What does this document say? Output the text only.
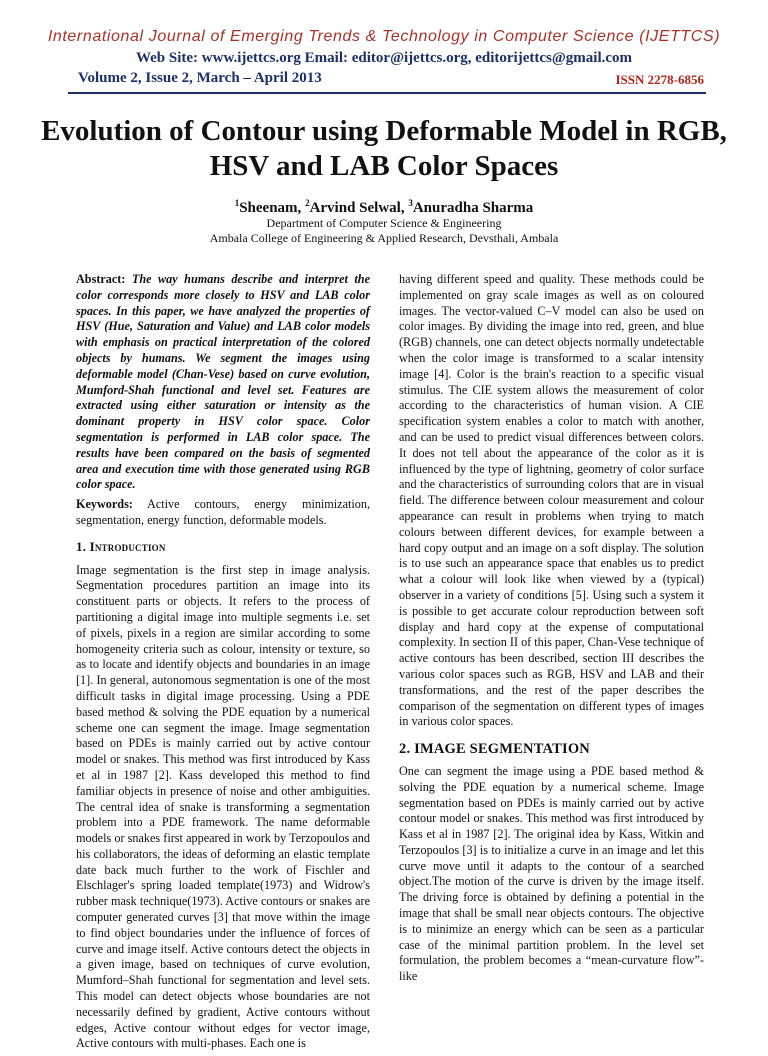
International Journal of Emerging Trends & Technology in Computer Science (IJETTCS)
Web Site: www.ijettcs.org Email: editor@ijettcs.org, editorijettcs@gmail.com
Volume 2, Issue 2, March – April 2013	ISSN 2278-6856
Evolution of Contour using Deformable Model in RGB, HSV and LAB Color Spaces
$^1$Sheenam, $^2$Arvind Selwal, $^3$Anuradha Sharma
Department of Computer Science & Engineering
Ambala College of Engineering & Applied Research, Devsthali, Ambala

Abstract: The way humans describe and interpret the color corresponds more closely to HSV and LAB color spaces. In this paper, we have analyzed the properties of HSV (Hue, Saturation and Value) and LAB color models with emphasis on practical interpretation of the colored objects by humans. We segment the images using deformable model (Chan-Vese) based on curve evolution, Mumford-Shah functional and level set. Features are extracted using either saturation or intensity as the dominant property in HSV color space. Color segmentation is performed in LAB color space. The results have been compared on the basis of segmented area and execution time with those generated using RGB color space.

Keywords: Active contours, energy minimization, segmentation, energy function, deformable models.

1. Introduction

Image segmentation is the first step in image analysis. Segmentation procedures partition an image into its constituent parts or objects. It refers to the process of partitioning a digital image into multiple segments i.e. set of pixels, pixels in a region are similar according to some homogeneity criteria such as colour, intensity or texture, so as to locate and identify objects and boundaries in an image [1]. In general, autonomous segmentation is one of the most difficult tasks in digital image processing. Using a PDE based method & solving the PDE equation by a numerical scheme one can segment the image. Image segmentation based on PDEs is mainly carried out by active contour model or snakes. This method was first introduced by Kass et al in 1987 [2]. Kass developed this method to find familiar objects in presence of noise and other ambiguities. The central idea of snake is transforming a segmentation problem into a PDE framework. The name deformable models or snakes first appeared in work by Terzopoulos and his collaborators, the ideas of deforming an elastic template date back much further to the work of Fischler and Elschlager's spring loaded template(1973) and Widrow's rubber mask technique(1973). Active contours or snakes are computer generated curves [3] that move within the image to find object boundaries under the influence of forces of curve and image itself. Active contours detect the objects in a given image, based on techniques of curve evolution, Mumford–Shah functional for segmentation and level sets. This model can detect objects whose boundaries are not necessarily defined by gradient, Active contours without edges, Active contour without edges for vector image, Active contours with multi-phases. Each one is

having different speed and quality. These methods could be implemented on gray scale images as well as on coloured images. The vector-valued C–V model can also be used on color images. By dividing the image into red, green, and blue (RGB) channels, one can detect objects normally undetectable when the color image is transformed to a scalar intensity image [4]. Color is the brain's reaction to a specific visual stimulus. The CIE system allows the measurement of color according to the characteristics of human vision. A CIE specification system enables a color to match with another, and can be used to predict visual differences between colors. It does not tell about the appearance of the color as it is influenced by the type of lightning, geometry of color surface and the characteristics of surrounding colors that are in visual field. The difference between colour measurement and colour appearance can result in problems when trying to match colours between different devices, for example between a hard copy output and an image on a soft display. The solution is to use such an appearance space that enables us to predict what a colour will look like when viewed by a (typical) observer in a variety of conditions [5]. Using such a system it is possible to get accurate colour reproduction between soft display and hard copy at the expense of computational complexity. In section II of this paper, Chan-Vese technique of active contours has been described, section III describes the various color spaces such as RGB, HSV and LAB and their transformations, and the rest of the paper describes the comparison of the segmentation on different types of images in various color spaces.

2. IMAGE SEGMENTATION

One can segment the image using a PDE based method & solving the PDE equation by a numerical scheme. Image segmentation based on PDEs is mainly carried out by active contour model or snakes. This method was first introduced by Kass et al in 1987 [2]. The original idea by Kass, Witkin and Terzopoulos [3] is to initialize a curve in an image and let this curve move until it adapts to the contour of a searched object.The motion of the curve is driven by the image itself. The driving force is obtained by defining a potential in the image that shall be small near objects contours. The objective is to minimize an energy which can be seen as a particular case of the minimal partition problem. In the level set formulation, the problem becomes a “mean-curvature flow”-like
